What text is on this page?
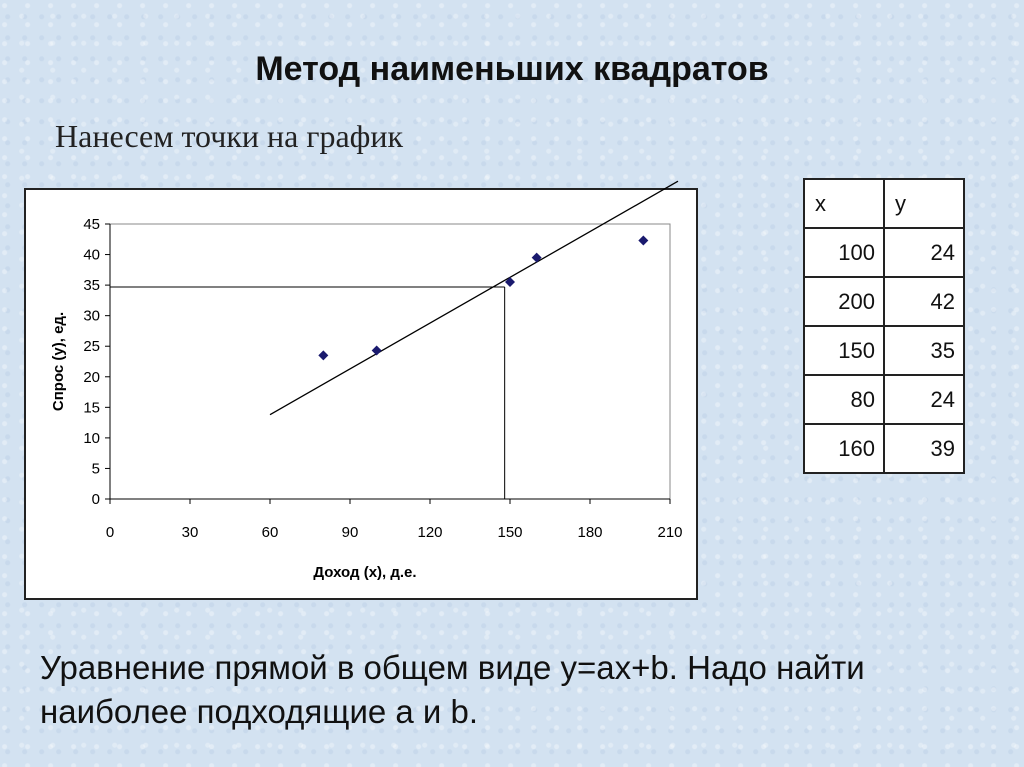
Метод наименьших квадратов
Нанесем точки на график
0
5
10
15
20
25
30
35
40
45
0	30	60	90	120	150	180	210
Доход (x), д.е.
Спрос (y), ед.
x	y
100	24
200	42
150	35
80	24
160	39
Уравнение прямой в общем виде y=ax+b. Надо найти наиболее подходящие a и b.
